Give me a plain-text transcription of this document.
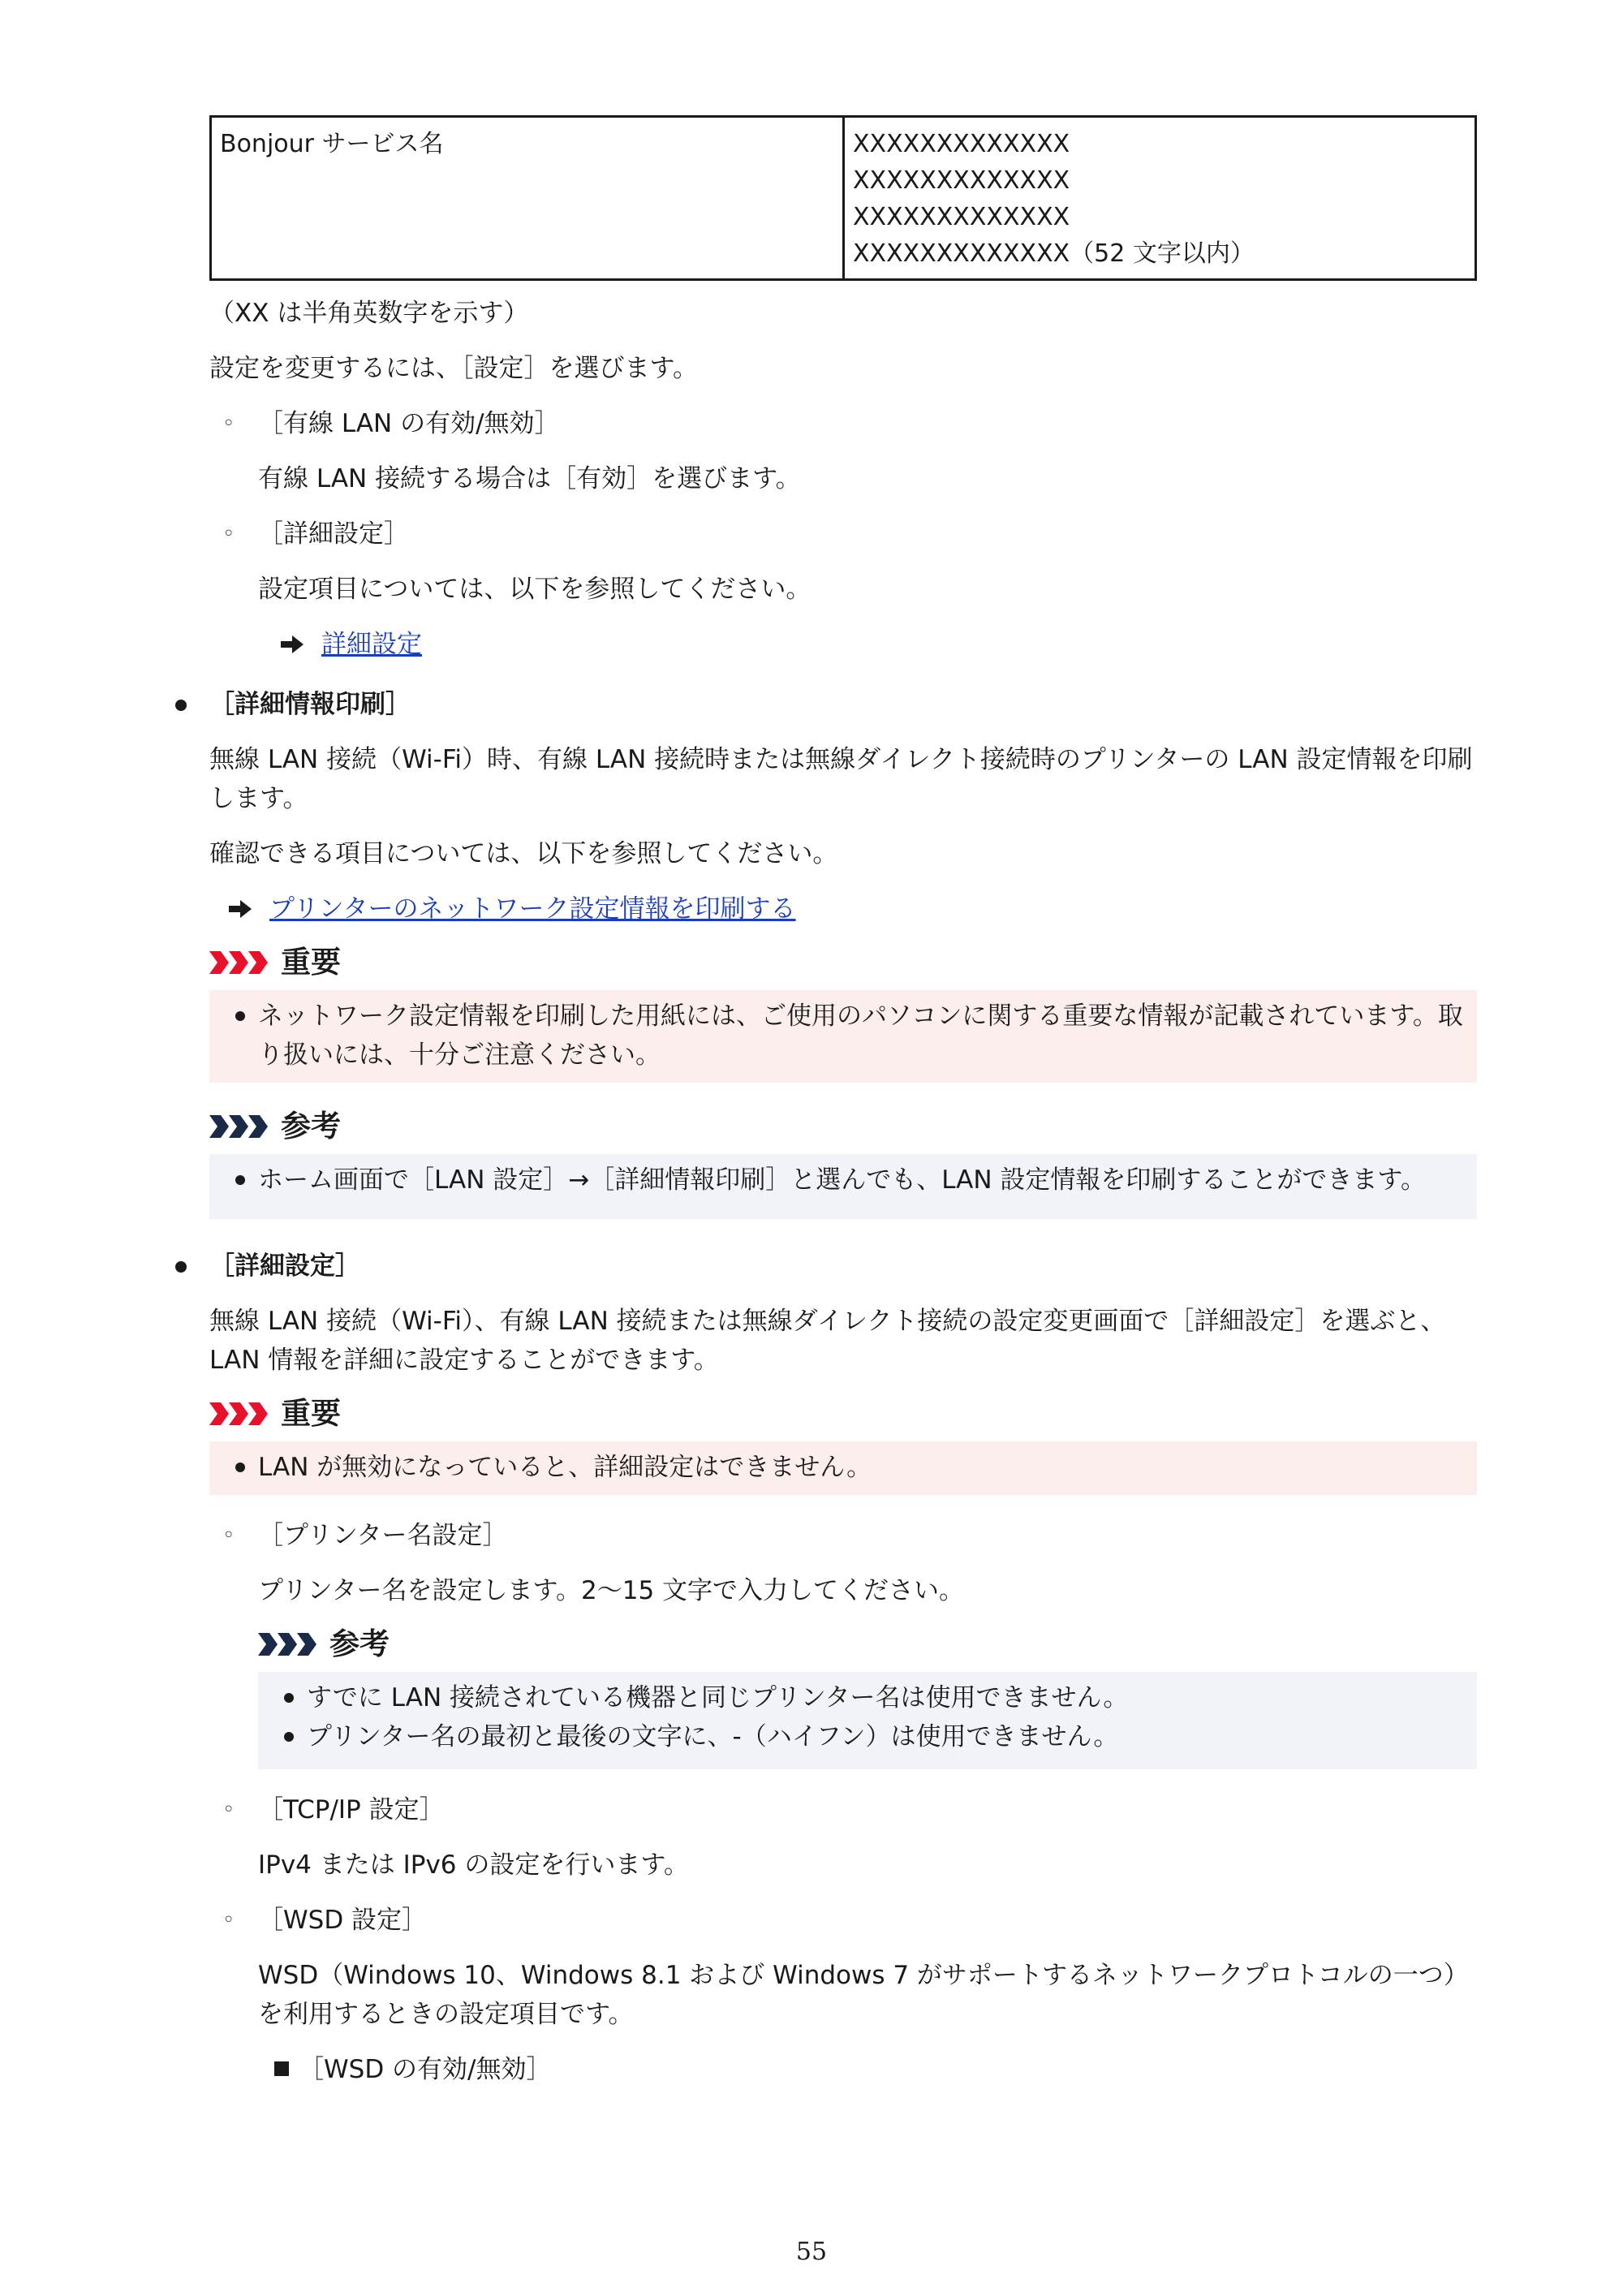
Bonjour サービス名	XXXXXXXXXXXXX
XXXXXXXXXXXXX
XXXXXXXXXXXXX
XXXXXXXXXXXXX（52 文字以内）

（XX は半角英数字を示す）

設定を変更するには、［設定］を選びます。

◦ ［有線 LAN の有効/無効］

有線 LAN 接続する場合は［有効］を選びます。

◦ ［詳細設定］

設定項目については、以下を参照してください。

詳細設定
［詳細情報印刷］

無線 LAN 接続（Wi-Fi）時、有線 LAN 接続時または無線ダイレクト接続時のプリンターの LAN 設定情報を印刷します。

確認できる項目については、以下を参照してください。

プリンターのネットワーク設定情報を印刷する
重要
ネットワーク設定情報を印刷した用紙には、ご使用のパソコンに関する重要な情報が記載されています。取り扱いには、十分ご注意ください。
参考
ホーム画面で［LAN 設定］→［詳細情報印刷］と選んでも、LAN 設定情報を印刷することができます。
［詳細設定］

無線 LAN 接続（Wi-Fi）、有線 LAN 接続または無線ダイレクト接続の設定変更画面で［詳細設定］を選ぶと、LAN 情報を詳細に設定することができます。

重要
LAN が無効になっていると、詳細設定はできません。
◦ ［プリンター名設定］

プリンター名を設定します。2〜15 文字で入力してください。

参考
すでに LAN 接続されている機器と同じプリンター名は使用できません。
プリンター名の最初と最後の文字に、-（ハイフン）は使用できません。
◦ ［TCP/IP 設定］

IPv4 または IPv6 の設定を行います。

◦ ［WSD 設定］

WSD（Windows 10、Windows 8.1 および Windows 7 がサポートするネットワークプロトコルの一つ）を利用するときの設定項目です。

［WSD の有効/無効］
55
